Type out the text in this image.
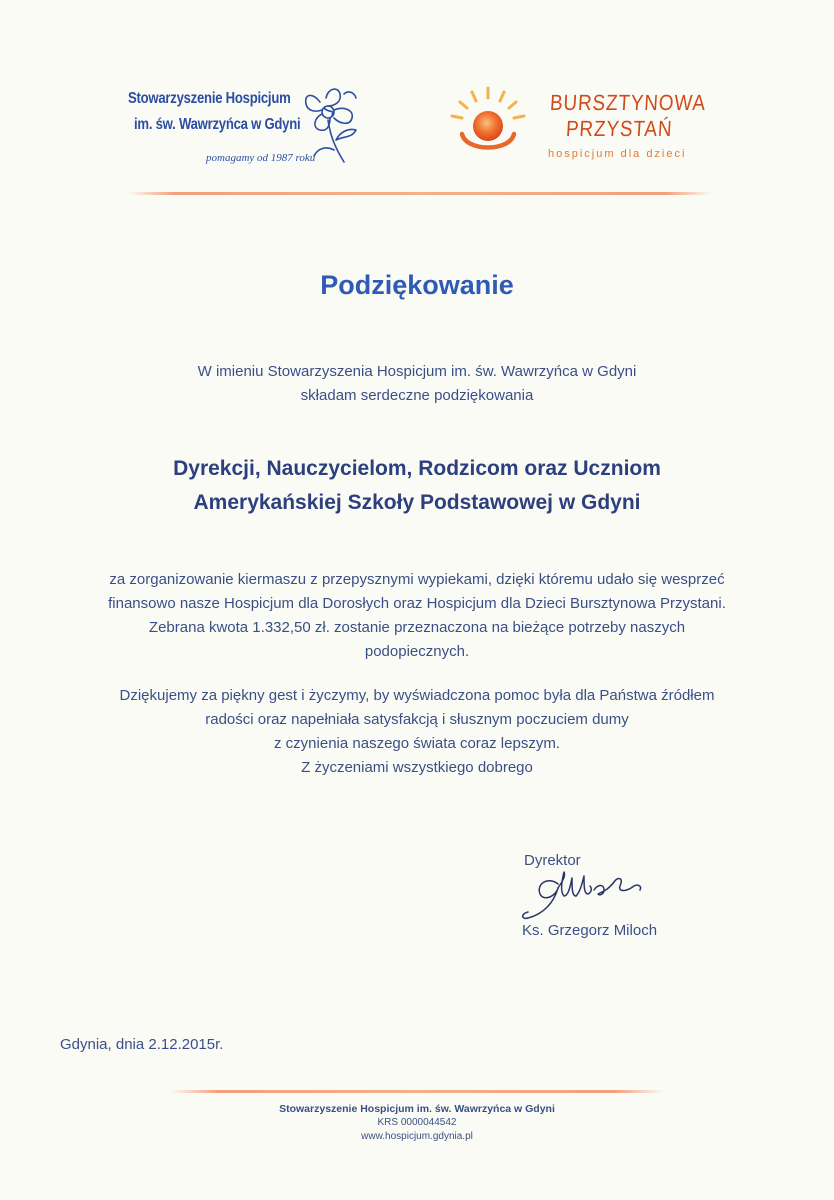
Stowarzyszenie Hospicjum
im. św. Wawrzyńca w Gdyni
pomagamy od 1987 roku
BURSZTYNOWA
PRZYSTAŃ
hospicjum dla dzieci
Podziękowanie
W imieniu Stowarzyszenia Hospicjum im. św. Wawrzyńca w Gdyni
składam serdeczne podziękowania
Dyrekcji, Nauczycielom, Rodzicom oraz Uczniom
Amerykańskiej Szkoły Podstawowej w Gdyni
za zorganizowanie kiermaszu z przepysznymi wypiekami, dzięki któremu udało się wesprzeć
finansowo nasze Hospicjum dla Dorosłych oraz Hospicjum dla Dzieci Bursztynowa Przystani.
Zebrana kwota 1.332,50 zł. zostanie przeznaczona na bieżące potrzeby naszych
podopiecznych.
Dziękujemy za piękny gest i życzymy, by wyświadczona pomoc była dla Państwa źródłem
radości oraz napełniała satysfakcją i słusznym poczuciem dumy
z czynienia naszego świata coraz lepszym.
Z życzeniami wszystkiego dobrego
Dyrektor
Ks. Grzegorz Miloch
Gdynia, dnia 2.12.2015r.
Stowarzyszenie Hospicjum im. św. Wawrzyńca w Gdyni
KRS 0000044542
www.hospicjum.gdynia.pl
